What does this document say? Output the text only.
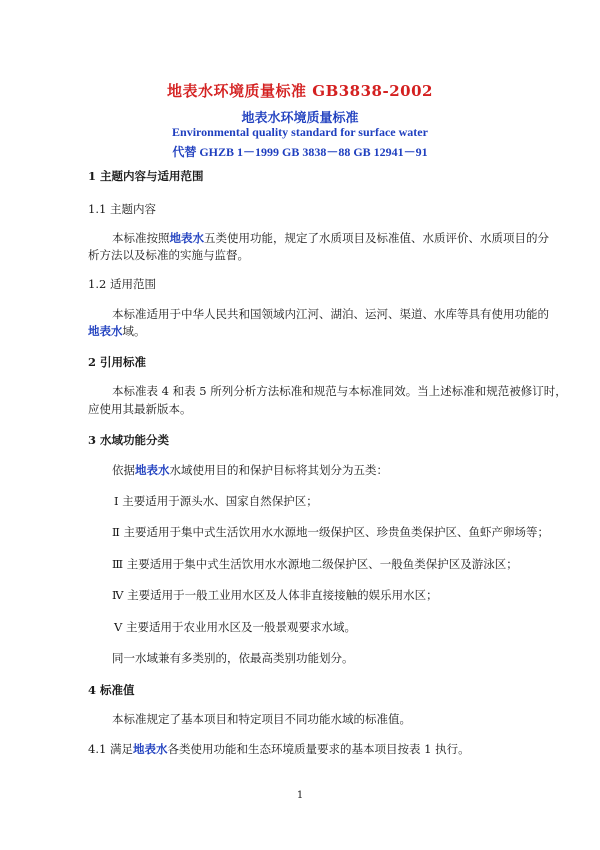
地表水环境质量标准 GB3838-2002
地表水环境质量标准
Environmental quality standard for surface water
代替 GHZB 1－1999 GB 3838－88 GB 12941－91
1 主题内容与适用范围
1.1 主题内容
本标准按照地表水五类使用功能，规定了水质项目及标准值、水质评价、水质项目的分
析方法以及标准的实施与监督。
1.2 适用范围
本标准适用于中华人民共和国领域内江河、湖泊、运河、渠道、水库等具有使用功能的
地表水域。
2 引用标准
本标准表 4 和表 5 所列分析方法标准和规范与本标准同效。当上述标准和规范被修订时，
应使用其最新版本。
3 水域功能分类
依据地表水水域使用目的和保护目标将其划分为五类：
Ⅰ 主要适用于源头水、国家自然保护区；
Ⅱ 主要适用于集中式生活饮用水水源地一级保护区、珍贵鱼类保护区、鱼虾产卵场等；
Ⅲ 主要适用于集中式生活饮用水水源地二级保护区、一般鱼类保护区及游泳区；
Ⅳ 主要适用于一般工业用水区及人体非直接接触的娱乐用水区；
Ⅴ 主要适用于农业用水区及一般景观要求水域。
同一水域兼有多类别的，依最高类别功能划分。
4 标准值
本标准规定了基本项目和特定项目不同功能水域的标准值。
4.1 满足地表水各类使用功能和生态环境质量要求的基本项目按表 1 执行。
1
